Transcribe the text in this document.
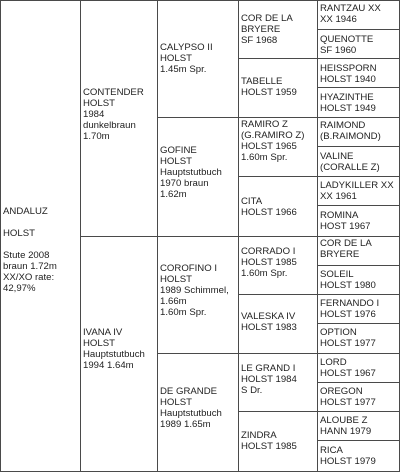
ANDALUZ

HOLST

Stute 2008
braun 1.72m
XX/XO rate:
42,97%

CONTENDER
HOLST
1984
dunkelbraun
1.70m
IVANA IV
HOLST
Hauptstutbuch
1994 1.64m
CALYPSO II
HOLST
1.45m Spr.
GOFINE
HOLST
Hauptstutbuch
1970 braun
1.62m
COROFINO I
HOLST
1989 Schimmel,
1.66m
1.60m Spr.
DE GRANDE
HOLST
Hauptstutbuch
1989 1.65m
COR DE LA
BRYERE
SF 1968
TABELLE
HOLST 1959
RAMIRO Z
(G.RAMIRO Z)
HOLST 1965
1.60m Spr.
CITA
HOLST 1966
CORRADO I
HOLST 1985
1.60m Spr.
VALESKA IV
HOLST 1983
LE GRAND I
HOLST 1984
S Dr.
ZINDRA
HOLST 1985
RANTZAU XX
XX 1946
QUENOTTE
SF 1960
HEISSPORN
HOLST 1940
HYAZINTHE
HOLST 1949
RAIMOND
(B.RAIMOND)
VALINE
(CORALLE Z)
LADYKILLER XX
XX 1961
ROMINA
HOST 1967
COR DE LA
BRYERE
SOLEIL
HOLST 1980
FERNANDO I
HOLST 1976
OPTION
HOLST 1977
LORD
HOLST 1967
OREGON
HOLST 1977
ALOUBE Z
HANN 1979
RICA
HOLST 1979
